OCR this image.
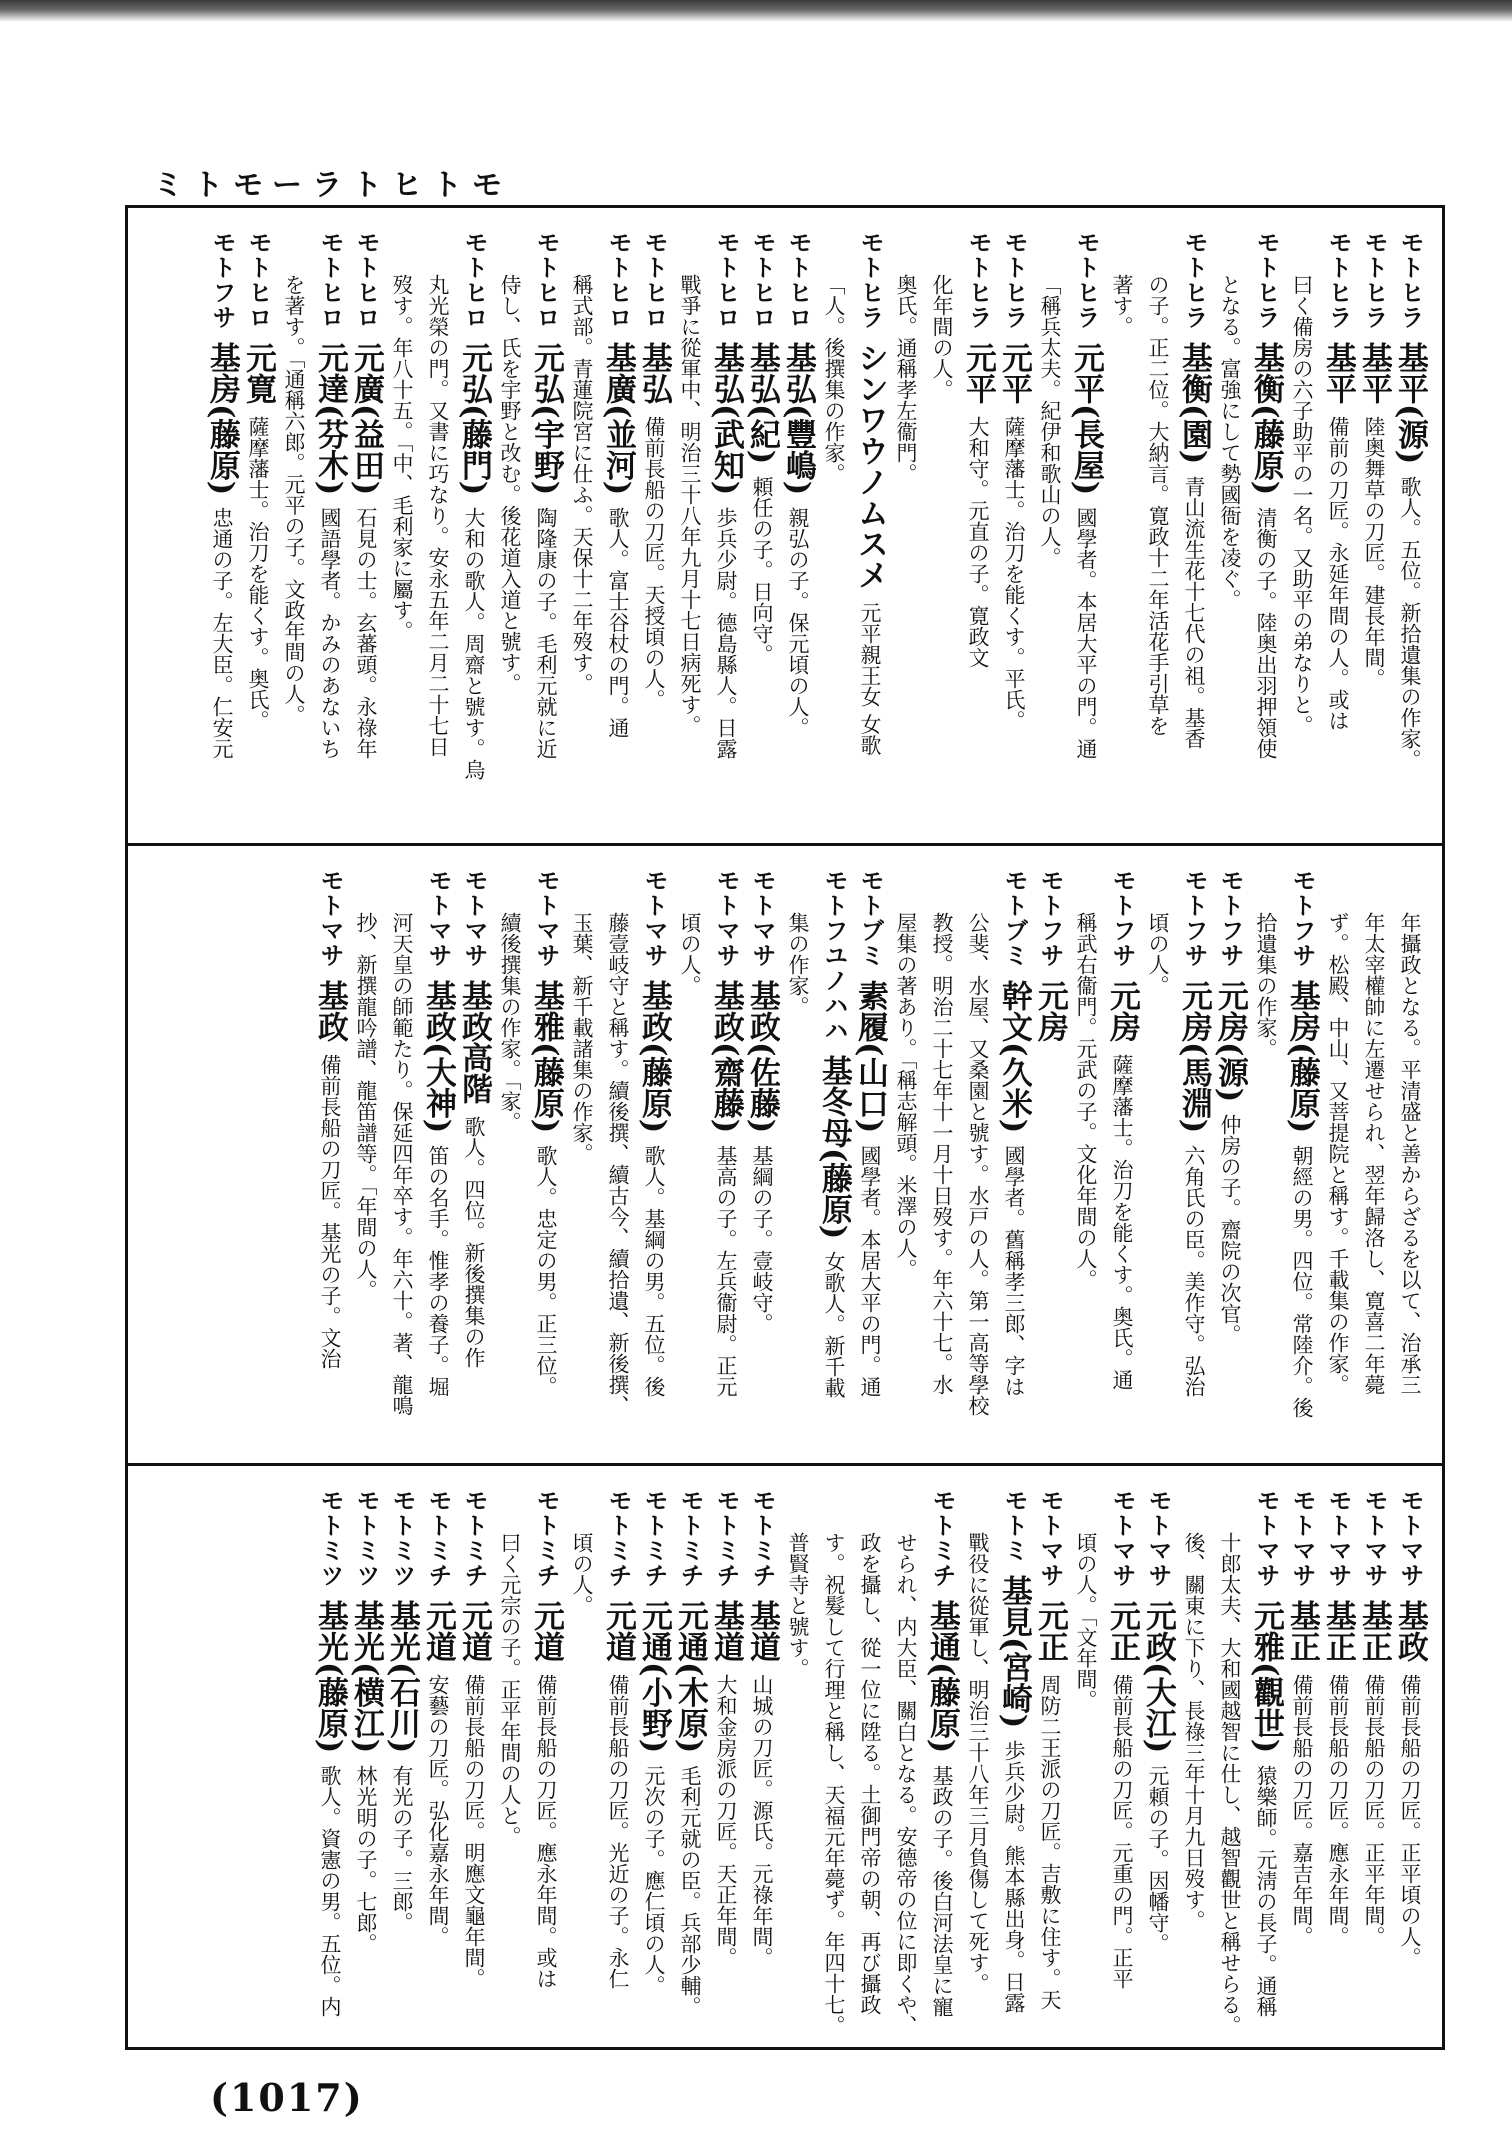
ミトモーラトヒトモ
モトヒラ基平(源)歌人。五位。新拾遺集の作家。
モトヒラ基平陸奥舞草の刀匠。建長年間。
モトヒラ基平備前の刀匠。永延年間の人。或は
曰く備房の六子助平の一名。又助平の弟なりと。
モトヒラ基衡(藤原)清衡の子。陸奥出羽押領使
となる。富強にして勢國衙を凌ぐ。
モトヒラ基衡(園)青山流生花十七代の祖。基香
の子。正二位。大納言。寛政十二年活花手引草を
著す。
モトヒラ元平(長屋)國學者。本居大平の門。通
「稱兵太夫。紀伊和歌山の人。
モトヒラ元平薩摩藩士。治刀を能くす。平氏。
モトヒラ元平大和守。元直の子。寛政文
化年間の人。
奥氏。通稱孝左衞門。
モトヒラシンワウノムスメ元平親王女 女歌
「人。後撰集の作家。
モトヒロ基弘(豐嶋)親弘の子。保元頃の人。
モトヒロ基弘(紀)頼任の子。日向守。
モトヒロ基弘(武知)歩兵少尉。德島縣人。日露
戰爭に從軍中、明治三十八年九月十七日病死す。
モトヒロ基弘備前長船の刀匠。天授頃の人。
モトヒロ基廣(並河)歌人。富士谷杖の門。通
稱式部。青蓮院宮に仕ふ。天保十二年歿す。
モトヒロ元弘(宇野)陶隆康の子。毛利元就に近
侍し、氏を宇野と改む。後花道入道と號す。
モトヒロ元弘(藤門)大和の歌人。周齋と號す。烏
丸光榮の門。又書に巧なり。安永五年二月二十七日
歿す。年八十五。「中、毛利家に屬す。
モトヒロ元廣(益田)石見の士。玄蕃頭。永祿年
モトヒロ元達(芬木)國語學者。かみのあないち
を著す。「通稱六郎。元平の子。文政年間の人。
モトヒロ元寛薩摩藩士。治刀を能くす。奥氏。
モトフサ基房(藤原)忠通の子。左大臣。仁安元
年攝政となる。平清盛と善からざるを以て、治承三
年太宰權帥に左遷せられ、翌年歸洛し、寛喜二年薨
ず。松殿、中山、又菩提院と稱す。千載集の作家。
モトフサ基房(藤原)朝經の男。四位。常陸介。後
拾遺集の作家。
モトフサ元房(源)仲房の子。齋院の次官。
モトフサ元房(馬淵)六角氏の臣。美作守。弘治
頃の人。
モトフサ元房薩摩藩士。治刀を能くす。奥氏。通
稱武右衞門。元武の子。文化年間の人。
モトフサ元房
モトブミ幹文(久米)國學者。舊稱孝三郎、字は
公斐、水屋、又桑園と號す。水戸の人。第一高等學校
教授。明治二十七年十一月十日歿す。年六十七。水
屋集の著あり。「稱志解頭。米澤の人。
モトブミ素履(山口)國學者。本居大平の門。通
モトフユノハハ基冬母(藤原)女歌人。新千載
集の作家。
モトマサ基政(佐藤)基綱の子。壹岐守。
モトマサ基政(齋藤)基高の子。左兵衞尉。正元
頃の人。
モトマサ基政(藤原)歌人。基綱の男。五位。後
藤壹岐守と稱す。續後撰、續古今、續拾遺、新後撰、
玉葉、新千載諸集の作家。
モトマサ基雅(藤原)歌人。忠定の男。正三位。
續後撰集の作家。「家。
モトマサ基政高階歌人。四位。新後撰集の作
モトマサ基政(大神)笛の名手。惟孝の養子。堀
河天皇の師範たり。保延四年卒す。年六十。著、龍鳴
抄、新撰龍吟譜、龍笛譜等。「年間の人。
モトマサ基政備前長船の刀匠。基光の子。文治
モトマサ基政備前長船の刀匠。正平頃の人。
モトマサ基正備前長船の刀匠。正平年間。
モトマサ基正備前長船の刀匠。應永年間。
モトマサ基正備前長船の刀匠。嘉吉年間。
モトマサ元雅(觀世)猿樂師。元淸の長子。通稱
十郎太夫、大和國越智に仕し、越智觀世と稱せらる。
後、關東に下り、長祿三年十月九日歿す。
モトマサ元政(大江)元頼の子。因幡守。
モトマサ元正備前長船の刀匠。元重の門。正平
頃の人。「文年間。
モトマサ元正周防二王派の刀匠。吉敷に住す。天
モトミ基見(宮崎)歩兵少尉。熊本縣出身。日露
戰役に從軍し、明治三十八年三月負傷して死す。
モトミチ基通(藤原)基政の子。後白河法皇に寵
せられ、内大臣、關白となる。安德帝の位に即くや、
政を攝し、從一位に陞る。土御門帝の朝、再び攝政
す。祝髮して行理と稱し、天福元年薨ず。年四十七。
普賢寺と號す。
モトミチ基道山城の刀匠。源氏。元祿年間。
モトミチ基道大和金房派の刀匠。天正年間。
モトミチ元通(木原)毛利元就の臣。兵部少輔。
モトミチ元通(小野)元次の子。應仁頃の人。
モトミチ元道備前長船の刀匠。光近の子。永仁
頃の人。
モトミチ元道備前長船の刀匠。應永年間。或は
曰く元宗の子。正平年間の人と。
モトミチ元道備前長船の刀匠。明應文龜年間。
モトミチ元道安藝の刀匠。弘化嘉永年間。
モトミツ基光(石川)有光の子。三郎。
モトミツ基光(横江)林光明の子。七郎。
モトミツ基光(藤原)歌人。資憲の男。五位。内
(1017)
